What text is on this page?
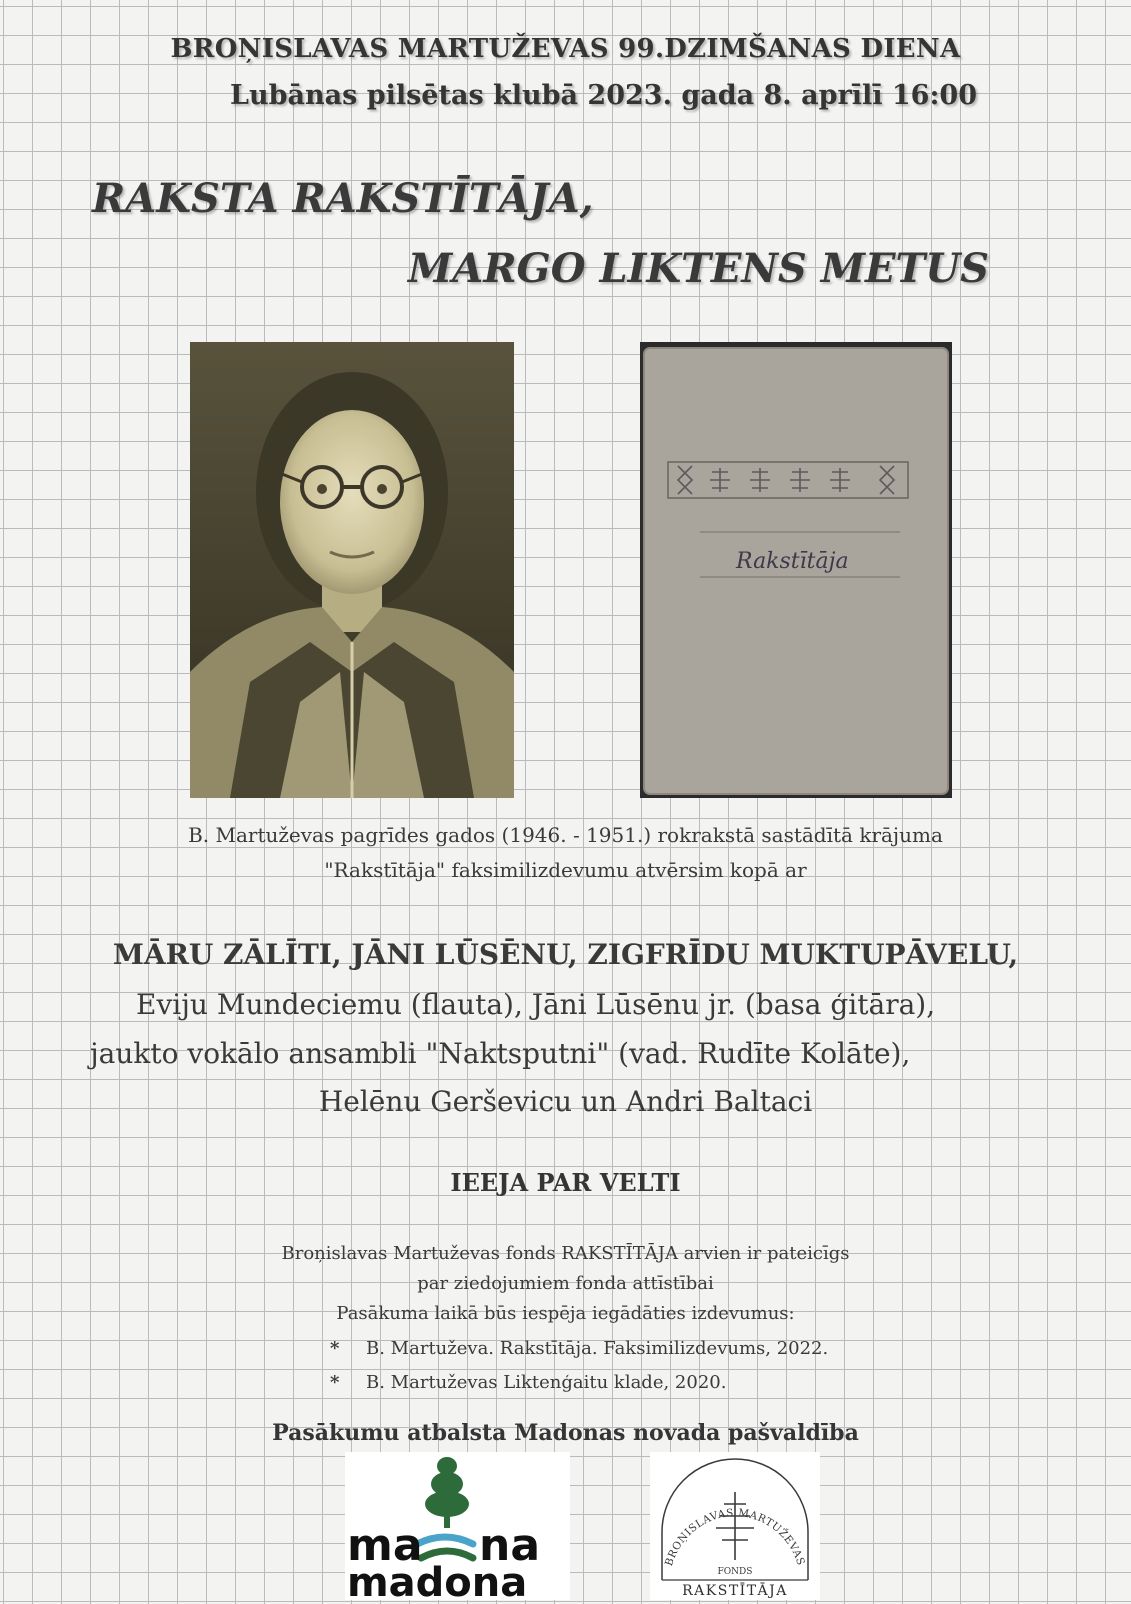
BROŅISLAVAS MARTUŽEVAS 99.DZIMŠANAS DIENA
Lubānas pilsētas klubā 2023. gada 8. aprīlī 16:00
RAKSTA RAKSTĪTĀJA,
MARGO LIKTENS METUS
Rakstītāja
B. Martuževas pagrīdes gados (1946. - 1951.) rokrakstā sastādītā krājuma
"Rakstītāja" faksimilizdevumu atvērsim kopā ar
MĀRU ZĀLĪTI, JĀNI LŪSĒNU, ZIGFRĪDU MUKTUPĀVELU,
Eviju Mundeciemu (flauta), Jāni Lūsēnu jr. (basa ģitāra),
jaukto vokālo ansambli "Naktsputni" (vad. Rudīte Kolāte),
Helēnu Gerševicu un Andri Baltaci
IEEJA PAR VELTI
Broņislavas Martuževas fonds RAKSTĪTĀJA arvien ir pateicīgs
par ziedojumiem fonda attīstībai
Pasākuma laikā būs iespēja iegādāties izdevumus:
* B. Martuževa. Rakstītāja. Faksimilizdevums, 2022.
* B. Martuževas Liktenģaitu klade, 2020.
Pasākumu atbalsta Madonas novada pašvaldība
ma na
madona	BROŅISLAVAS MARTUŽEVAS
FONDS
RAKSTĪTĀJA
